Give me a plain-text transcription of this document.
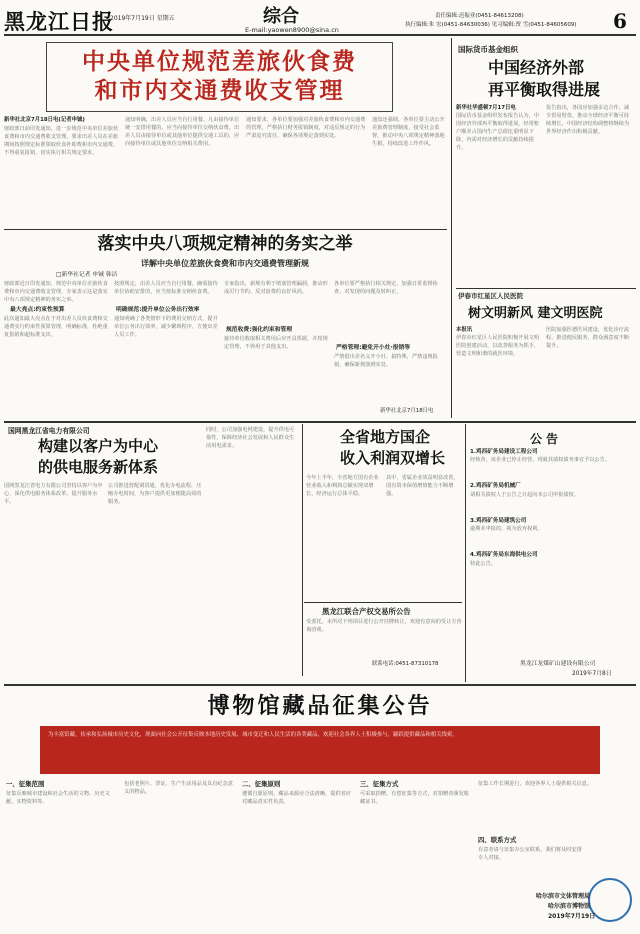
黑龙江日报
2019年7月19日 星期五	综合
E-mail:yaowen8900@sina.cn
责任编辑:迟振业(0451-84613208)
执行编辑:朱 宏(0451-84630036) 见习编辑:贾 雪(0451-84605609) 6
中央单位规范差旅伙食费
和市内交通费收支管理
新华社北京7月18日电(记者申铖)
财政部日前印发通知，进一步规范中央单位差旅伙食费和市内交通费收支管理，要求出差人员在差旅期间按照规定标准领取伙食补助费和市内交通费，不得重复报销，切实执行相关规定要求。
通知明确，出差人员应当自行用餐。凡由接待单位统一安排用餐的，应当向接待单位交纳伙食费。出差人员由接待单位或其他单位提供交通工具的，应向接待单位或其他单位交纳相关费用。
通知要求，各单位要加强对差旅伙食费和市内交通费的管理，严格执行财务报销制度，对违反规定的行为严肃追究责任，确保各项规定落到实处。
通知还强调，各单位要主动公开差旅费管理制度，接受社会监督，推动中央八项规定精神落地生根，持续改进工作作风。
落实中央八项规定精神的务实之举
详解中央单位差旅伙食费和市内交通费管理新规
□新华社记者 申铖 韩洁
财政部近日印发通知，规范中央单位差旅伙食费和市内交通费收支管理，专家表示这是落实中央八项规定精神的务实之举。
最大亮点:约束性预算
此次通知最大亮点在于对出差人员伙食费和交通费实行约束性预算管理，明确标准，杜绝重复报销和超标准支出。
按照规定，出差人员应当自行用餐，确需接待单位协助安排的，应当按标准交纳伙食费。
明确规范:提升单位公务出行效率
通知明确了各类情形下的费用交纳方式，提升单位公务出行效率，减少繁琐程序，方便出差人员工作。
专家指出，新规有利于堵塞管理漏洞，推动形成厉行节约、反对浪费的良好风尚。
规范收费:强化约束和管理
接待单位收取相关费用后应开具票据，并按规定管理，不得用于其他支出。
各单位要严格执行相关规定，加强日常监督检查，对发现的问题及时纠正。
严格管理:避免开小灶·报销等
严禁借出差名义开小灶、搞特殊，严禁违规报销，确保新规落到实处。
新华社北京7月18日电
国际货币基金组织
中国经济外部
再平衡取得进展
新华社华盛顿7月17日电
国际货币基金组织发布报告认为，中国经济外部再平衡取得进展，经常账户顺差占国内生产总值比重明显下降，内需对经济增长的贡献持续提升。
报告指出，各国应加强多边合作，减少贸易壁垒，推动全球经济平衡可持续增长，中国经济结构调整将继续为世界经济作出积极贡献。
伊春市红星区人民医院
树文明新风 建文明医院
本报讯
伊春市红星区人民医院积极开展文明医院创建活动，以改善服务为抓手，营造文明和谐的就医环境。
医院加强医德医风建设，优化诊疗流程，推进便民服务，群众满意度不断提升。
国网黑龙江省电力有限公司
构建以客户为中心
的供电服务新体系
国网黑龙江省电力有限公司坚持以客户为中心，深化供电服务体系改革，提升服务水平。
公司推进营配调贯通，优化办电流程，压缩办电时间，为客户提供更加便捷高效的服务。
同时，公司加强电网建设，提升供电可靠性，保障经济社会发展和人民群众生活用电需求。
全省地方国企
收入利润双增长
今年上半年，全省地方国有企业营业收入和利润总额实现双增长，经济运行总体平稳。
其中，省属企业效益明显改善，国有资本保值增值能力不断增强。
黑龙江联合产权交易所公告
受委托，本所对下列项目进行公开挂牌转让，欢迎有意向的受让方咨询洽谈。
联系电话:0451-87310178
公告
1.鸡西矿务局建设工程公司
经核查，该企业已停止经营，现就其债权债务事宜予以公告。
2.鸡西矿务局机械厂
请相关债权人于公告之日起向本公司申报债权。
3.鸡西矿务局建筑公司
逾期未申报的，视为放弃权利。
4.鸡西矿务局东海供电公司
特此公告。
黑龙江龙煤矿山建设有限公司
2019年7月8日
博物馆藏品征集公告
为丰富馆藏，传承和弘扬城市历史文化，现面向社会公开征集反映本地历史发展、城市变迁和人民生活的各类藏品，欢迎社会各界人士积极参与，踊跃提供藏品和相关线索。
一、征集范围
征集反映城市建设和社会生活的文物、历史文献、实物资料等。
包括老照片、票证、生产生活用品及具有纪念意义的物品。
二、征集原则
遵循自愿原则，藏品来源应合法清晰，提供者应对藏品真实性负责。
三、征集方式
可采取捐赠、有偿征集等方式，对捐赠者颁发收藏证书。
征集工作长期进行，欢迎各界人士提供相关信息。
四、联系方式
有意者请与征集办公室联系，我们将及时安排专人对接。
哈尔滨市文体管理局
哈尔滨市博物馆
2019年7月19日
